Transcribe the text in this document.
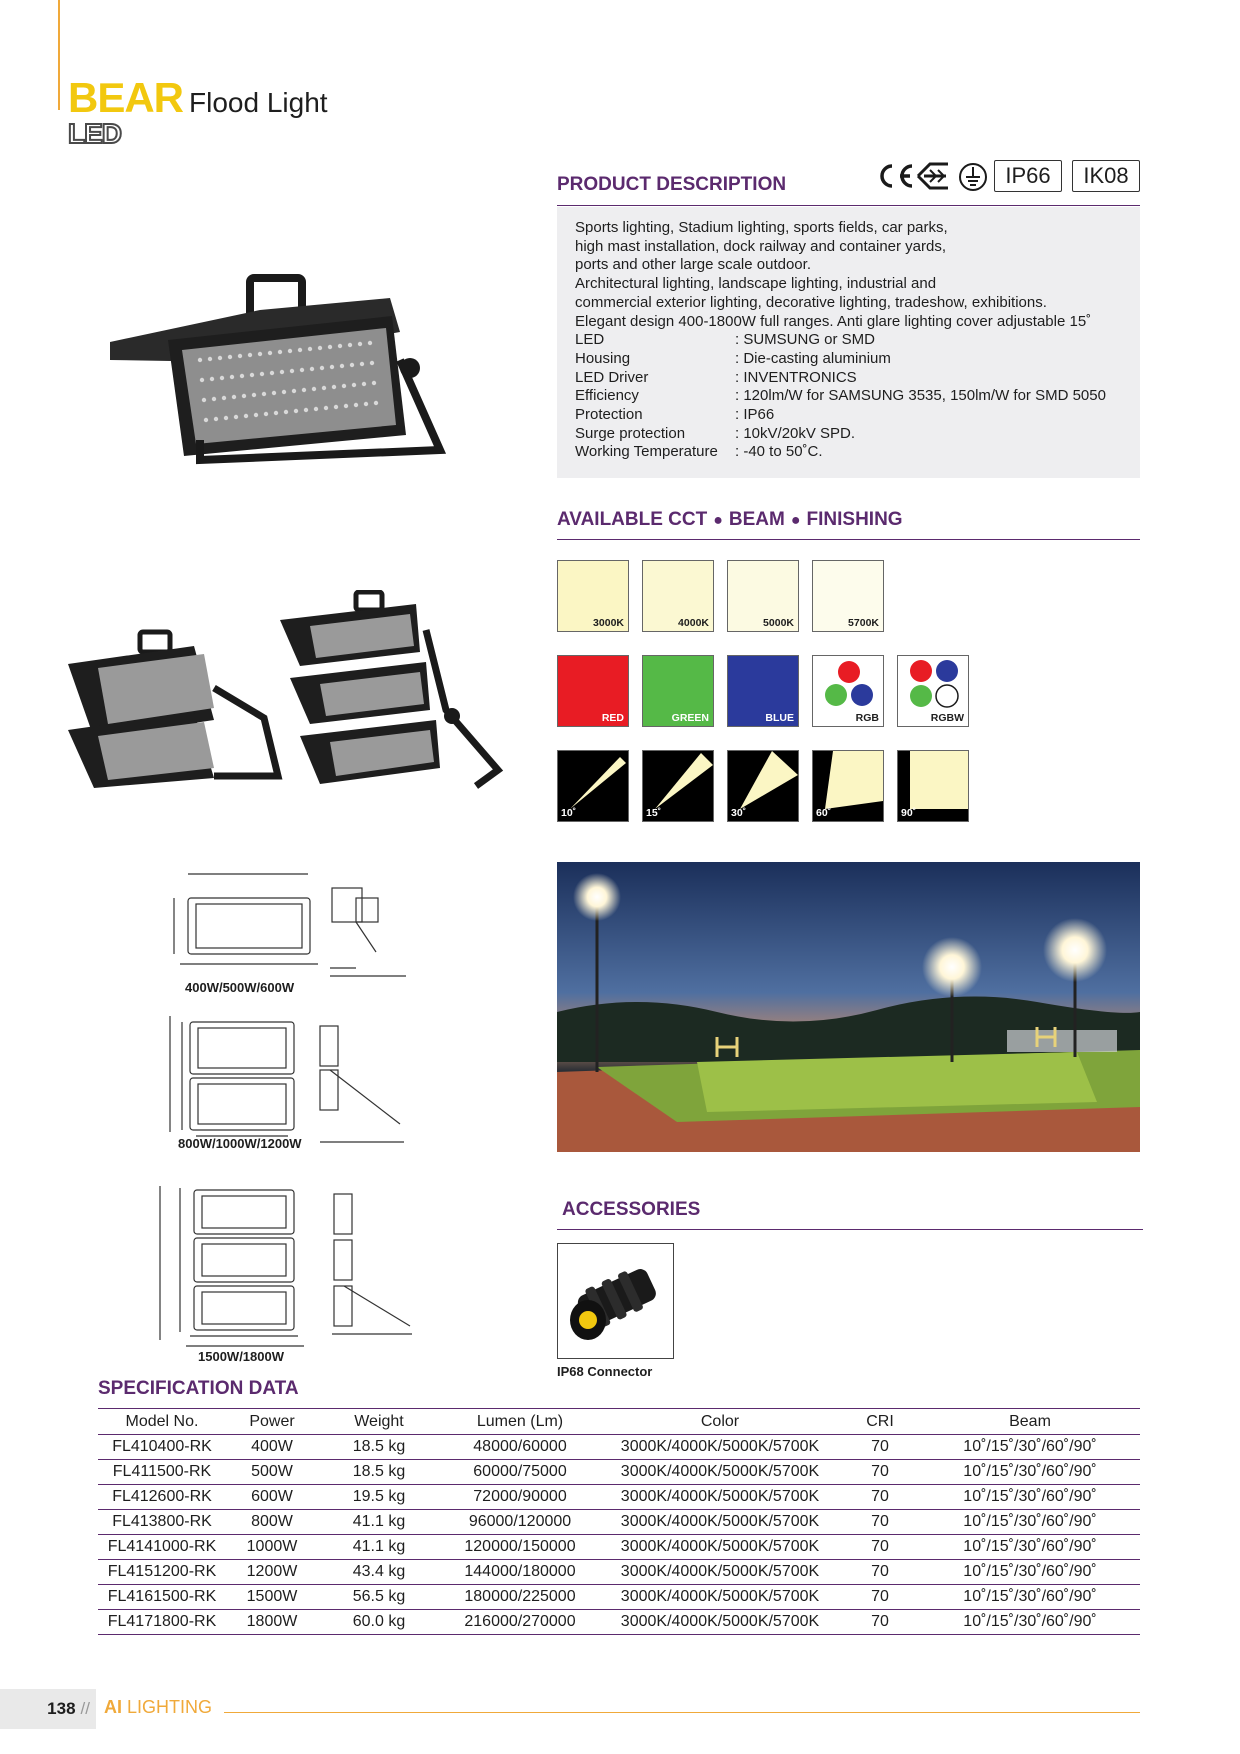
BEAR Flood Light
LED
400W/500W/600W
800W/1000W/1200W
1500W/1800W
PRODUCT DESCRIPTION	IP66	IK08
Sports lighting, Stadium lighting, sports fields, car parks,
high mast installation, dock railway and container yards,
ports and other large scale outdoor.
Architectural lighting, landscape lighting, industrial and
commercial exterior lighting, decorative lighting, tradeshow, exhibitions.
Elegant design 400-1800W full ranges. Anti glare lighting cover adjustable 15˚
LED	: SUMSUNG or SMD
Housing	: Die-casting aluminium
LED Driver	: INVENTRONICS
Efficiency	: 120lm/W for SAMSUNG 3535, 150lm/W for SMD 5050
Protection	: IP66
Surge protection	: 10kV/20kV SPD.
Working Temperature	: -40 to 50˚C.
AVAILABLE CCT ● BEAM ● FINISHING
3000K	4000K	5000K	5700K
RED	GREEN	BLUE	RGB	RGBW
10˚	15˚	30˚	60˚	90˚
ACCESSORIES
IP68 Connector
SPECIFICATION DATA
Model No.	Power	Weight	Lumen (Lm)	Color	CRI	Beam
FL410400-RK	400W	18.5 kg	48000/60000	3000K/4000K/5000K/5700K	70	10˚/15˚/30˚/60˚/90˚
FL411500-RK	500W	18.5 kg	60000/75000	3000K/4000K/5000K/5700K	70	10˚/15˚/30˚/60˚/90˚
FL412600-RK	600W	19.5 kg	72000/90000	3000K/4000K/5000K/5700K	70	10˚/15˚/30˚/60˚/90˚
FL413800-RK	800W	41.1 kg	96000/120000	3000K/4000K/5000K/5700K	70	10˚/15˚/30˚/60˚/90˚
FL4141000-RK	1000W	41.1 kg	120000/150000	3000K/4000K/5000K/5700K	70	10˚/15˚/30˚/60˚/90˚
FL4151200-RK	1200W	43.4 kg	144000/180000	3000K/4000K/5000K/5700K	70	10˚/15˚/30˚/60˚/90˚
FL4161500-RK	1500W	56.5 kg	180000/225000	3000K/4000K/5000K/5700K	70	10˚/15˚/30˚/60˚/90˚
FL4171800-RK	1800W	60.0 kg	216000/270000	3000K/4000K/5000K/5700K	70	10˚/15˚/30˚/60˚/90˚
138 // AI LIGHTING
